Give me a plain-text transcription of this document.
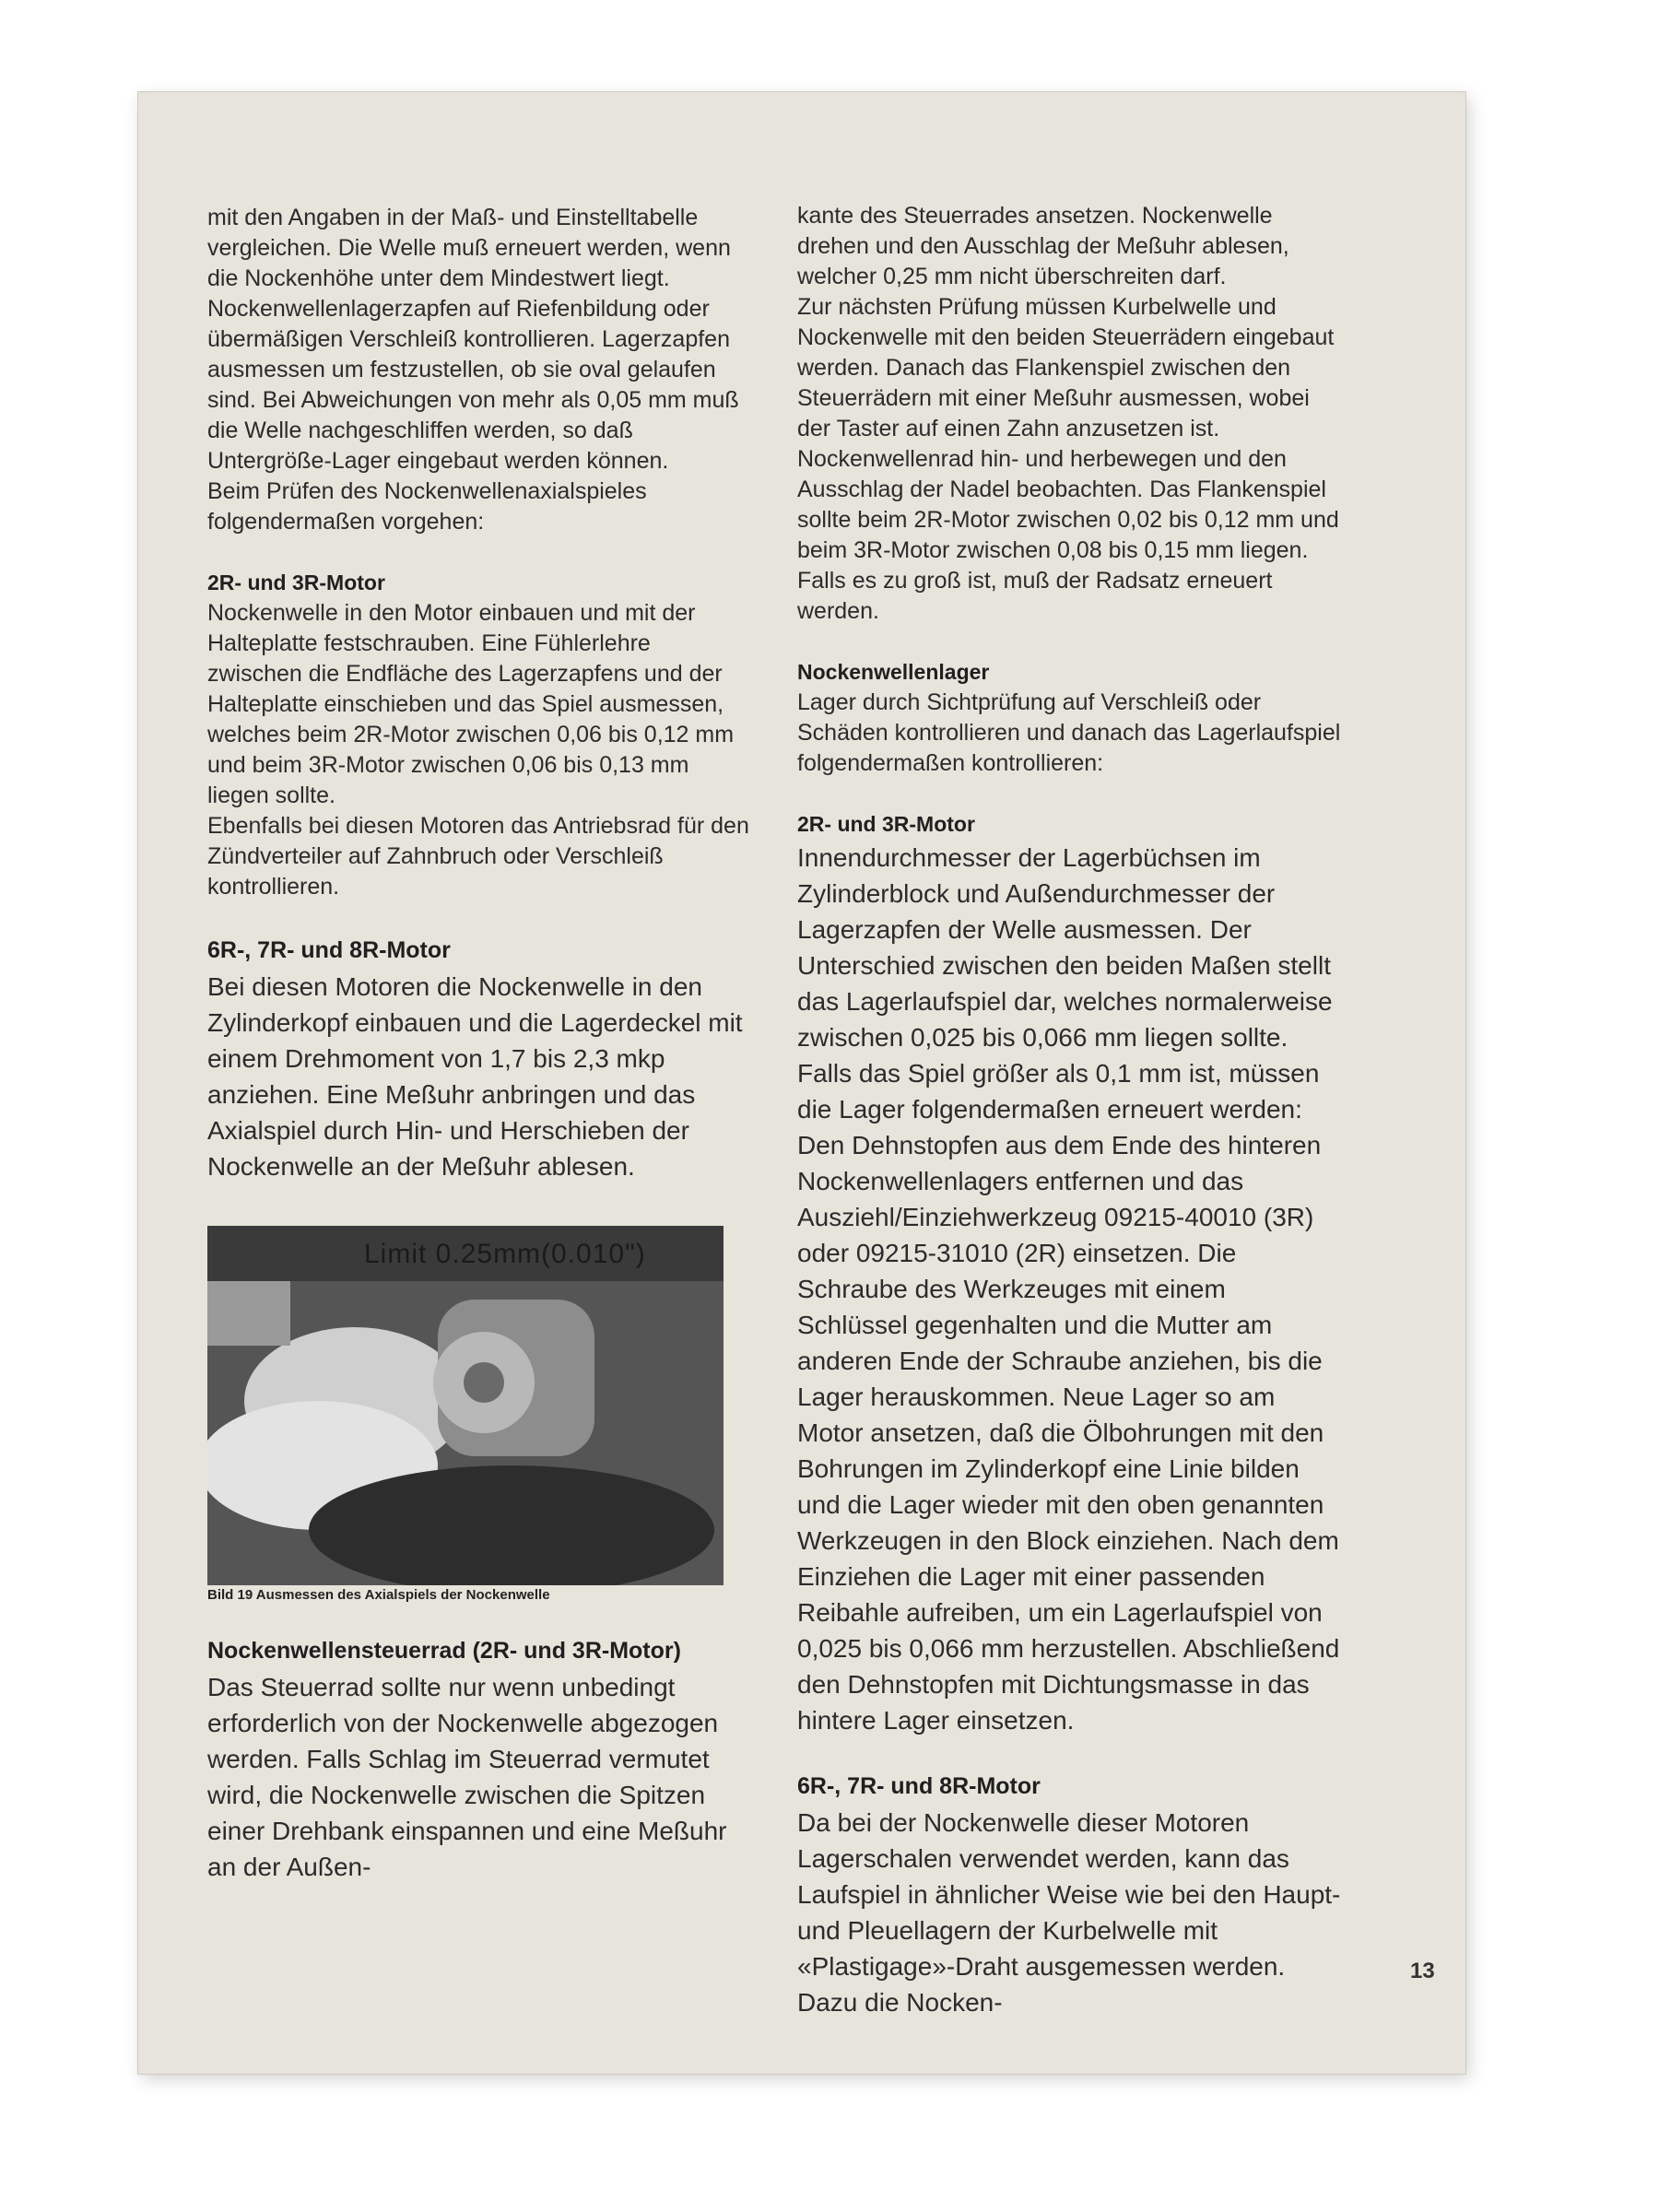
mit den Angaben in der Maß- und Einstelltabelle vergleichen. Die Welle muß erneuert werden, wenn die Nockenhöhe unter dem Mindestwert liegt.

Nockenwellenlagerzapfen auf Riefenbildung oder übermäßigen Verschleiß kontrollieren. Lagerzapfen ausmessen um festzustellen, ob sie oval gelaufen sind. Bei Abweichungen von mehr als 0,05 mm muß die Welle nachgeschliffen werden, so daß Untergröße-Lager eingebaut werden können.

Beim Prüfen des Nockenwellenaxialspieles folgendermaßen vorgehen:

2R- und 3R-Motor

Nockenwelle in den Motor einbauen und mit der Halteplatte festschrauben. Eine Fühlerlehre zwischen die Endfläche des Lagerzapfens und der Halteplatte einschieben und das Spiel ausmessen, welches beim 2R-Motor zwischen 0,06 bis 0,12 mm und beim 3R-Motor zwischen 0,06 bis 0,13 mm liegen sollte.

Ebenfalls bei diesen Motoren das Antriebsrad für den Zündverteiler auf Zahnbruch oder Verschleiß kontrollieren.

6R-, 7R- und 8R-Motor

Bei diesen Motoren die Nockenwelle in den Zylinderkopf einbauen und die Lagerdeckel mit einem Drehmoment von 1,7 bis 2,3 mkp anziehen. Eine Meßuhr anbringen und das Axialspiel durch Hin- und Herschieben der Nockenwelle an der Meßuhr ablesen.

Limit 0.25mm(0.010")

Bild 19 Ausmessen des Axialspiels der Nockenwelle

Nockenwellensteuerrad (2R- und 3R-Motor)

Das Steuerrad sollte nur wenn unbedingt erforderlich von der Nockenwelle abgezogen werden. Falls Schlag im Steuerrad vermutet wird, die Nockenwelle zwischen die Spitzen einer Drehbank einspannen und eine Meßuhr an der Außen-

kante des Steuerrades ansetzen. Nockenwelle drehen und den Ausschlag der Meßuhr ablesen, welcher 0,25 mm nicht überschreiten darf.

Zur nächsten Prüfung müssen Kurbelwelle und Nockenwelle mit den beiden Steuerrädern eingebaut werden. Danach das Flankenspiel zwischen den Steuerrädern mit einer Meßuhr ausmessen, wobei der Taster auf einen Zahn anzusetzen ist. Nockenwellenrad hin- und herbewegen und den Ausschlag der Nadel beobachten. Das Flankenspiel sollte beim 2R-Motor zwischen 0,02 bis 0,12 mm und beim 3R-Motor zwischen 0,08 bis 0,15 mm liegen. Falls es zu groß ist, muß der Radsatz erneuert werden.

Nockenwellenlager

Lager durch Sichtprüfung auf Verschleiß oder Schäden kontrollieren und danach das Lagerlaufspiel folgendermaßen kontrollieren:

2R- und 3R-Motor

Innendurchmesser der Lagerbüchsen im Zylinderblock und Außendurchmesser der Lagerzapfen der Welle ausmessen. Der Unterschied zwischen den beiden Maßen stellt das Lagerlaufspiel dar, welches normalerweise zwischen 0,025 bis 0,066 mm liegen sollte. Falls das Spiel größer als 0,1 mm ist, müssen die Lager folgendermaßen erneuert werden:

Den Dehnstopfen aus dem Ende des hinteren Nockenwellenlagers entfernen und das Ausziehl/Einziehwerkzeug 09215-40010 (3R) oder 09215-31010 (2R) einsetzen. Die Schraube des Werkzeuges mit einem Schlüssel gegenhalten und die Mutter am anderen Ende der Schraube anziehen, bis die Lager herauskommen. Neue Lager so am Motor ansetzen, daß die Ölbohrungen mit den Bohrungen im Zylinderkopf eine Linie bilden und die Lager wieder mit den oben genannten Werkzeugen in den Block einziehen. Nach dem Einziehen die Lager mit einer passenden Reibahle aufreiben, um ein Lagerlaufspiel von 0,025 bis 0,066 mm herzustellen. Abschließend den Dehnstopfen mit Dichtungsmasse in das hintere Lager einsetzen.

6R-, 7R- und 8R-Motor

Da bei der Nockenwelle dieser Motoren Lagerschalen verwendet werden, kann das Laufspiel in ähnlicher Weise wie bei den Haupt- und Pleuellagern der Kurbelwelle mit «Plastigage»-Draht ausgemessen werden. Dazu die Nocken-

13
